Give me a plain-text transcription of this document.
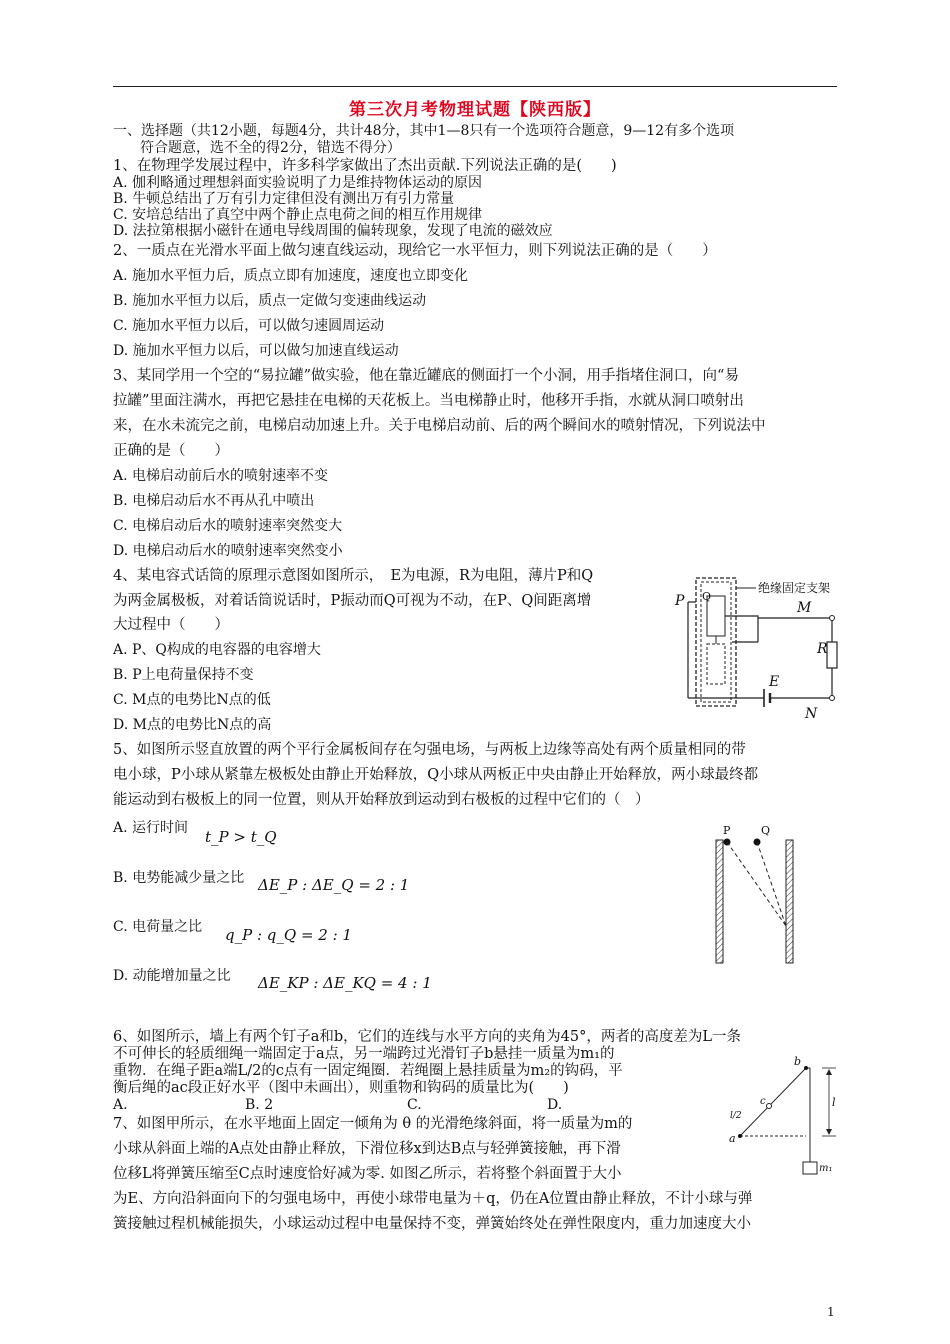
第三次月考物理试题【陕西版】
一、选择题（共12小题，每题4分，共计48分，其中1—8只有一个选项符合题意，9—12有多个选项
符合题意，选不全的得2分，错选不得分）
1、在物理学发展过程中，许多科学家做出了杰出贡献.下列说法正确的是(　　)
A. 伽利略通过理想斜面实验说明了力是维持物体运动的原因
B. 牛顿总结出了万有引力定律但没有测出万有引力常量
C. 安培总结出了真空中两个静止点电荷之间的相互作用规律
D. 法拉第根据小磁针在通电导线周围的偏转现象，发现了电流的磁效应
2、一质点在光滑水平面上做匀速直线运动，现给它一水平恒力，则下列说法正确的是（　　）
A. 施加水平恒力后，质点立即有加速度，速度也立即变化
B. 施加水平恒力以后，质点一定做匀变速曲线运动
C. 施加水平恒力以后，可以做匀速圆周运动
D. 施加水平恒力以后，可以做匀加速直线运动
3、某同学用一个空的“易拉罐”做实验，他在靠近罐底的侧面打一个小洞，用手指堵住洞口，向“易
拉罐”里面注满水，再把它悬挂在电梯的天花板上。当电梯静止时，他移开手指，水就从洞口喷射出
来，在水未流完之前，电梯启动加速上升。关于电梯启动前、后的两个瞬间水的喷射情况，下列说法中
正确的是（　　）
A. 电梯启动前后水的喷射速率不变
B. 电梯启动后水不再从孔中喷出
C. 电梯启动后水的喷射速率突然变大
D. 电梯启动后水的喷射速率突然变小
4、某电容式话筒的原理示意图如图所示，　E为电源，R为电阻，薄片P和Q
为两金属极板，对着话筒说话时，P振动而Q可视为不动，在P、Q间距离增
大过程中（　　）
A. P、Q构成的电容器的电容增大
B. P上电荷量保持不变
C. M点的电势比N点的低
D. M点的电势比N点的高
绝缘固定支架
M
R
E
N
P Q
5、如图所示竖直放置的两个平行金属板间存在匀强电场，与两板上边缘等高处有两个质量相同的带
电小球，P小球从紧靠左极板处由静止开始释放，Q小球从两板正中央由静止开始释放，两小球最终都
能运动到右极板上的同一位置，则从开始释放到运动到右极板的过程中它们的（　）
A. 运行时间 t_P > t_Q
B. 电势能减少量之比 ΔE_P : ΔE_Q = 2 : 1
C. 电荷量之比 q_P : q_Q = 2 : 1
D. 动能增加量之比 ΔE_KP : ΔE_KQ = 4 : 1
P	Q
6、如图所示，墙上有两个钉子a和b，它们的连线与水平方向的夹角为45°，两者的高度差为L一条
不可伸长的轻质细绳一端固定于a点，另一端跨过光滑钉子b悬挂一质量为m₁的
重物．在绳子距a端L/2的c点有一固定绳圈．若绳圈上悬挂质量为m₂的钩码，平
衡后绳的ac段正好水平（图中未画出），则重物和钩码的质量比为(　　)
A.	B. 2	C.	D.
b
a
c	l
l/2
m₁
7、如图甲所示，在水平地面上固定一倾角为 θ 的光滑绝缘斜面，将一质量为m的
小球从斜面上端的A点处由静止释放，下滑位移x到达B点与轻弹簧接触，再下滑
位移L将弹簧压缩至C点时速度恰好减为零. 如图乙所示，若将整个斜面置于大小
为E、方向沿斜面向下的匀强电场中，再使小球带电量为＋q，仍在A位置由静止释放，不计小球与弹
簧接触过程机械能损失，小球运动过程中电量保持不变，弹簧始终处在弹性限度内，重力加速度大小
1
